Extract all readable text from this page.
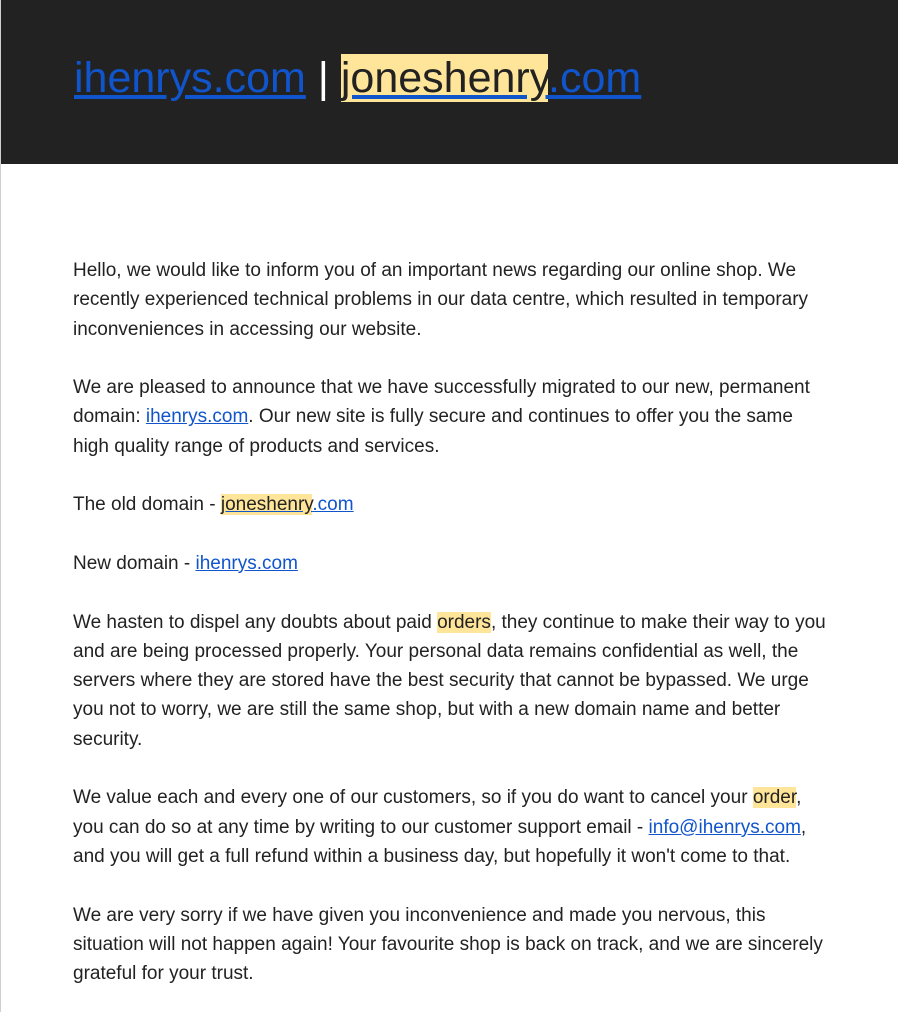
ihenrys.com | joneshenry.com

Hello, we would like to inform you of an important news regarding our online shop. We recently experienced technical problems in our data centre, which resulted in temporary inconveniences in accessing our website.

We are pleased to announce that we have successfully migrated to our new, permanent domain: ihenrys.com. Our new site is fully secure and continues to offer you the same high quality range of products and services.

The old domain - joneshenry.com

New domain - ihenrys.com

We hasten to dispel any doubts about paid orders, they continue to make their way to you and are being processed properly. Your personal data remains confidential as well, the servers where they are stored have the best security that cannot be bypassed. We urge you not to worry, we are still the same shop, but with a new domain name and better security.

We value each and every one of our customers, so if you do want to cancel your order, you can do so at any time by writing to our customer support email - info@ihenrys.com, and you will get a full refund within a business day, but hopefully it won't come to that.

We are very sorry if we have given you inconvenience and made you nervous, this situation will not happen again! Your favourite shop is back on track, and we are sincerely grateful for your trust.
